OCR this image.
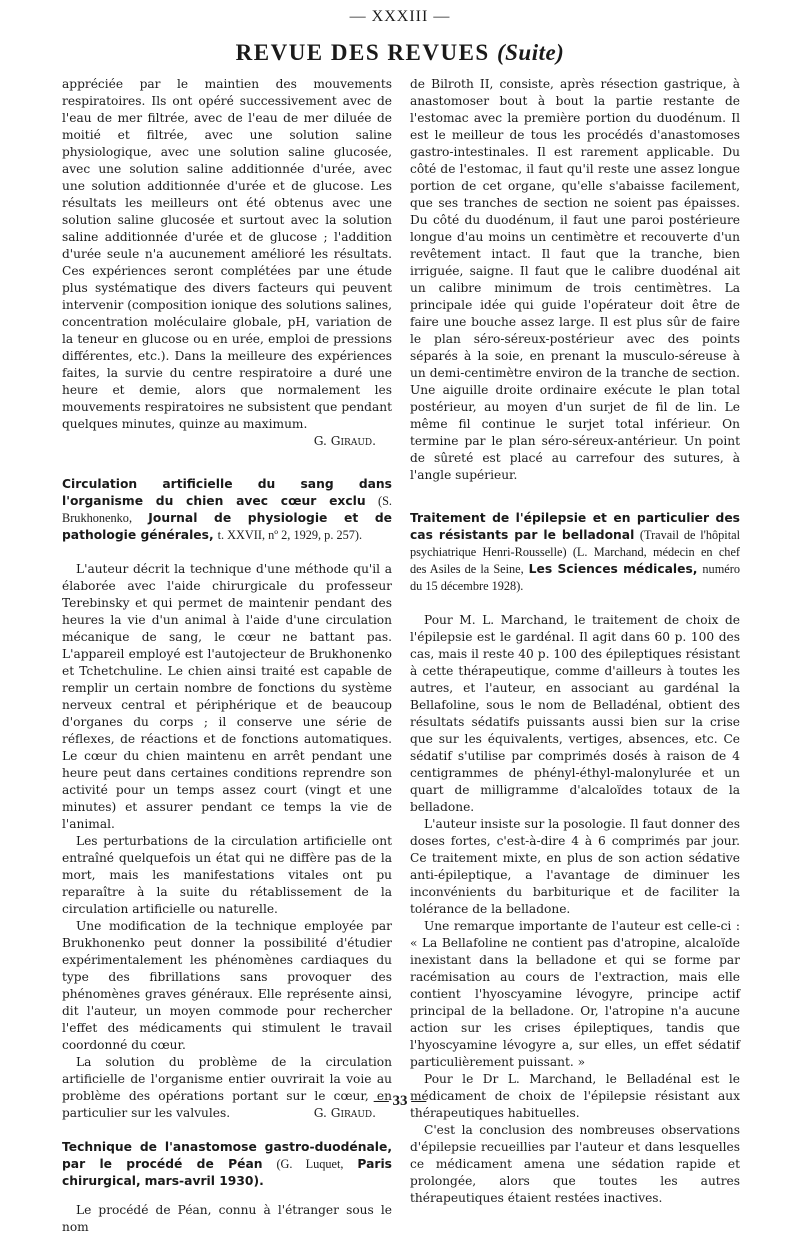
— XXXIII —
REVUE DES REVUES (Suite)

appréciée par le maintien des mouvements respiratoires. Ils ont opéré successivement avec de l'eau de mer filtrée, avec de l'eau de mer diluée de moitié et filtrée, avec une solution saline physiologique, avec une solution saline glucosée, avec une solution saline additionnée d'urée, avec une solution additionnée d'urée et de glucose. Les résultats les meilleurs ont été obtenus avec une solution saline glucosée et surtout avec la solution saline additionnée d'urée et de glucose ; l'addition d'urée seule n'a aucunement amélioré les résultats. Ces expériences seront complétées par une étude plus systématique des divers facteurs qui peuvent intervenir (composition ionique des solutions salines, concentration moléculaire globale, pH, variation de la teneur en glucose ou en urée, emploi de pressions différentes, etc.). Dans la meilleure des expériences faites, la survie du centre respiratoire a duré une heure et demie, alors que normalement les mouvements respiratoires ne subsistent que pendant quelques minutes, quinze au maximum.

G. Giraud.
Circulation artificielle du sang dans l'organisme du chien avec cœur exclu (S. Brukhonenko, Journal de physiologie et de pathologie générales, t. XXVII, nº 2, 1929, p. 257).

L'auteur décrit la technique d'une méthode qu'il a élaborée avec l'aide chirurgicale du professeur Terebinsky et qui permet de maintenir pendant des heures la vie d'un animal à l'aide d'une circulation mécanique de sang, le cœur ne battant pas. L'appareil employé est l'autojecteur de Brukhonenko et Tchetchuline. Le chien ainsi traité est capable de remplir un certain nombre de fonctions du système nerveux central et périphérique et de beaucoup d'organes du corps ; il conserve une série de réflexes, de réactions et de fonctions automatiques. Le cœur du chien maintenu en arrêt pendant une heure peut dans certaines conditions reprendre son activité pour un temps assez court (vingt et une minutes) et assurer pendant ce temps la vie de l'animal.

Les perturbations de la circulation artificielle ont entraîné quelquefois un état qui ne diffère pas de la mort, mais les manifestations vitales ont pu reparaître à la suite du rétablissement de la circulation artificielle ou naturelle.

Une modification de la technique employée par Brukhonenko peut donner la possibilité d'étudier expérimentalement les phénomènes cardiaques du type des fibrillations sans provoquer des phénomènes graves généraux. Elle représente ainsi, dit l'auteur, un moyen commode pour rechercher l'effet des médicaments qui stimulent le travail coordonné du cœur.

La solution du problème de la circulation artificielle de l'organisme entier ouvrirait la voie au problème des opérations portant sur le cœur, en particulier sur les valvules.	G. Giraud.

Technique de l'anastomose gastro-duodénale, par le procédé de Péan (G. Luquet, Paris chirurgical, mars-avril 1930).

Le procédé de Péan, connu à l'étranger sous le nom

de Bilroth II, consiste, après résection gastrique, à anastomoser bout à bout la partie restante de l'estomac avec la première portion du duodénum. Il est le meilleur de tous les procédés d'anastomoses gastro-intestinales. Il est rarement applicable. Du côté de l'estomac, il faut qu'il reste une assez longue portion de cet organe, qu'elle s'abaisse facilement, que ses tranches de section ne soient pas épaisses. Du côté du duodénum, il faut une paroi postérieure longue d'au moins un centimètre et recouverte d'un revêtement intact. Il faut que la tranche, bien irriguée, saigne. Il faut que le calibre duodénal ait un calibre minimum de trois centimètres. La principale idée qui guide l'opérateur doit être de faire une bouche assez large. Il est plus sûr de faire le plan séro-séreux-postérieur avec des points séparés à la soie, en prenant la musculo-séreuse à un demi-centimètre environ de la tranche de section. Une aiguille droite ordinaire exécute le plan total postérieur, au moyen d'un surjet de fil de lin. Le même fil continue le surjet total inférieur. On termine par le plan séro-séreux-antérieur. Un point de sûreté est placé au carrefour des sutures, à l'angle supérieur.

Traitement de l'épilepsie et en particulier des cas résistants par le belladonal (Travail de l'hôpital psychiatrique Henri-Rousselle) (L. Marchand, médecin en chef des Asiles de la Seine, Les Sciences médicales, numéro du 15 décembre 1928).

Pour M. L. Marchand, le traitement de choix de l'épilepsie est le gardénal. Il agit dans 60 p. 100 des cas, mais il reste 40 p. 100 des épileptiques résistant à cette thérapeutique, comme d'ailleurs à toutes les autres, et l'auteur, en associant au gardénal la Bellafoline, sous le nom de Belladénal, obtient des résultats sédatifs puissants aussi bien sur la crise que sur les équivalents, vertiges, absences, etc. Ce sédatif s'utilise par comprimés dosés à raison de 4 centigrammes de phényl-éthyl-malonylurée et un quart de milligramme d'alcaloïdes totaux de la belladone.

L'auteur insiste sur la posologie. Il faut donner des doses fortes, c'est-à-dire 4 à 6 comprimés par jour. Ce traitement mixte, en plus de son action sédative anti-épileptique, a l'avantage de diminuer les inconvénients du barbiturique et de faciliter la tolérance de la belladone.

Une remarque importante de l'auteur est celle-ci : « La Bellafoline ne contient pas d'atropine, alcaloïde inexistant dans la belladone et qui se forme par racémisation au cours de l'extraction, mais elle contient l'hyoscyamine lévogyre, principe actif principal de la belladone. Or, l'atropine n'a aucune action sur les crises épileptiques, tandis que l'hyoscyamine lévogyre a, sur elles, un effet sédatif particulièrement puissant. »

Pour le Dr L. Marchand, le Belladénal est le médicament de choix de l'épilepsie résistant aux thérapeutiques habituelles.

C'est la conclusion des nombreuses observations d'épilepsie recueillies par l'auteur et dans lesquelles ce médicament amena une sédation rapide et prolongée, alors que toutes les autres thérapeutiques étaient restées inactives.

— 33 —
